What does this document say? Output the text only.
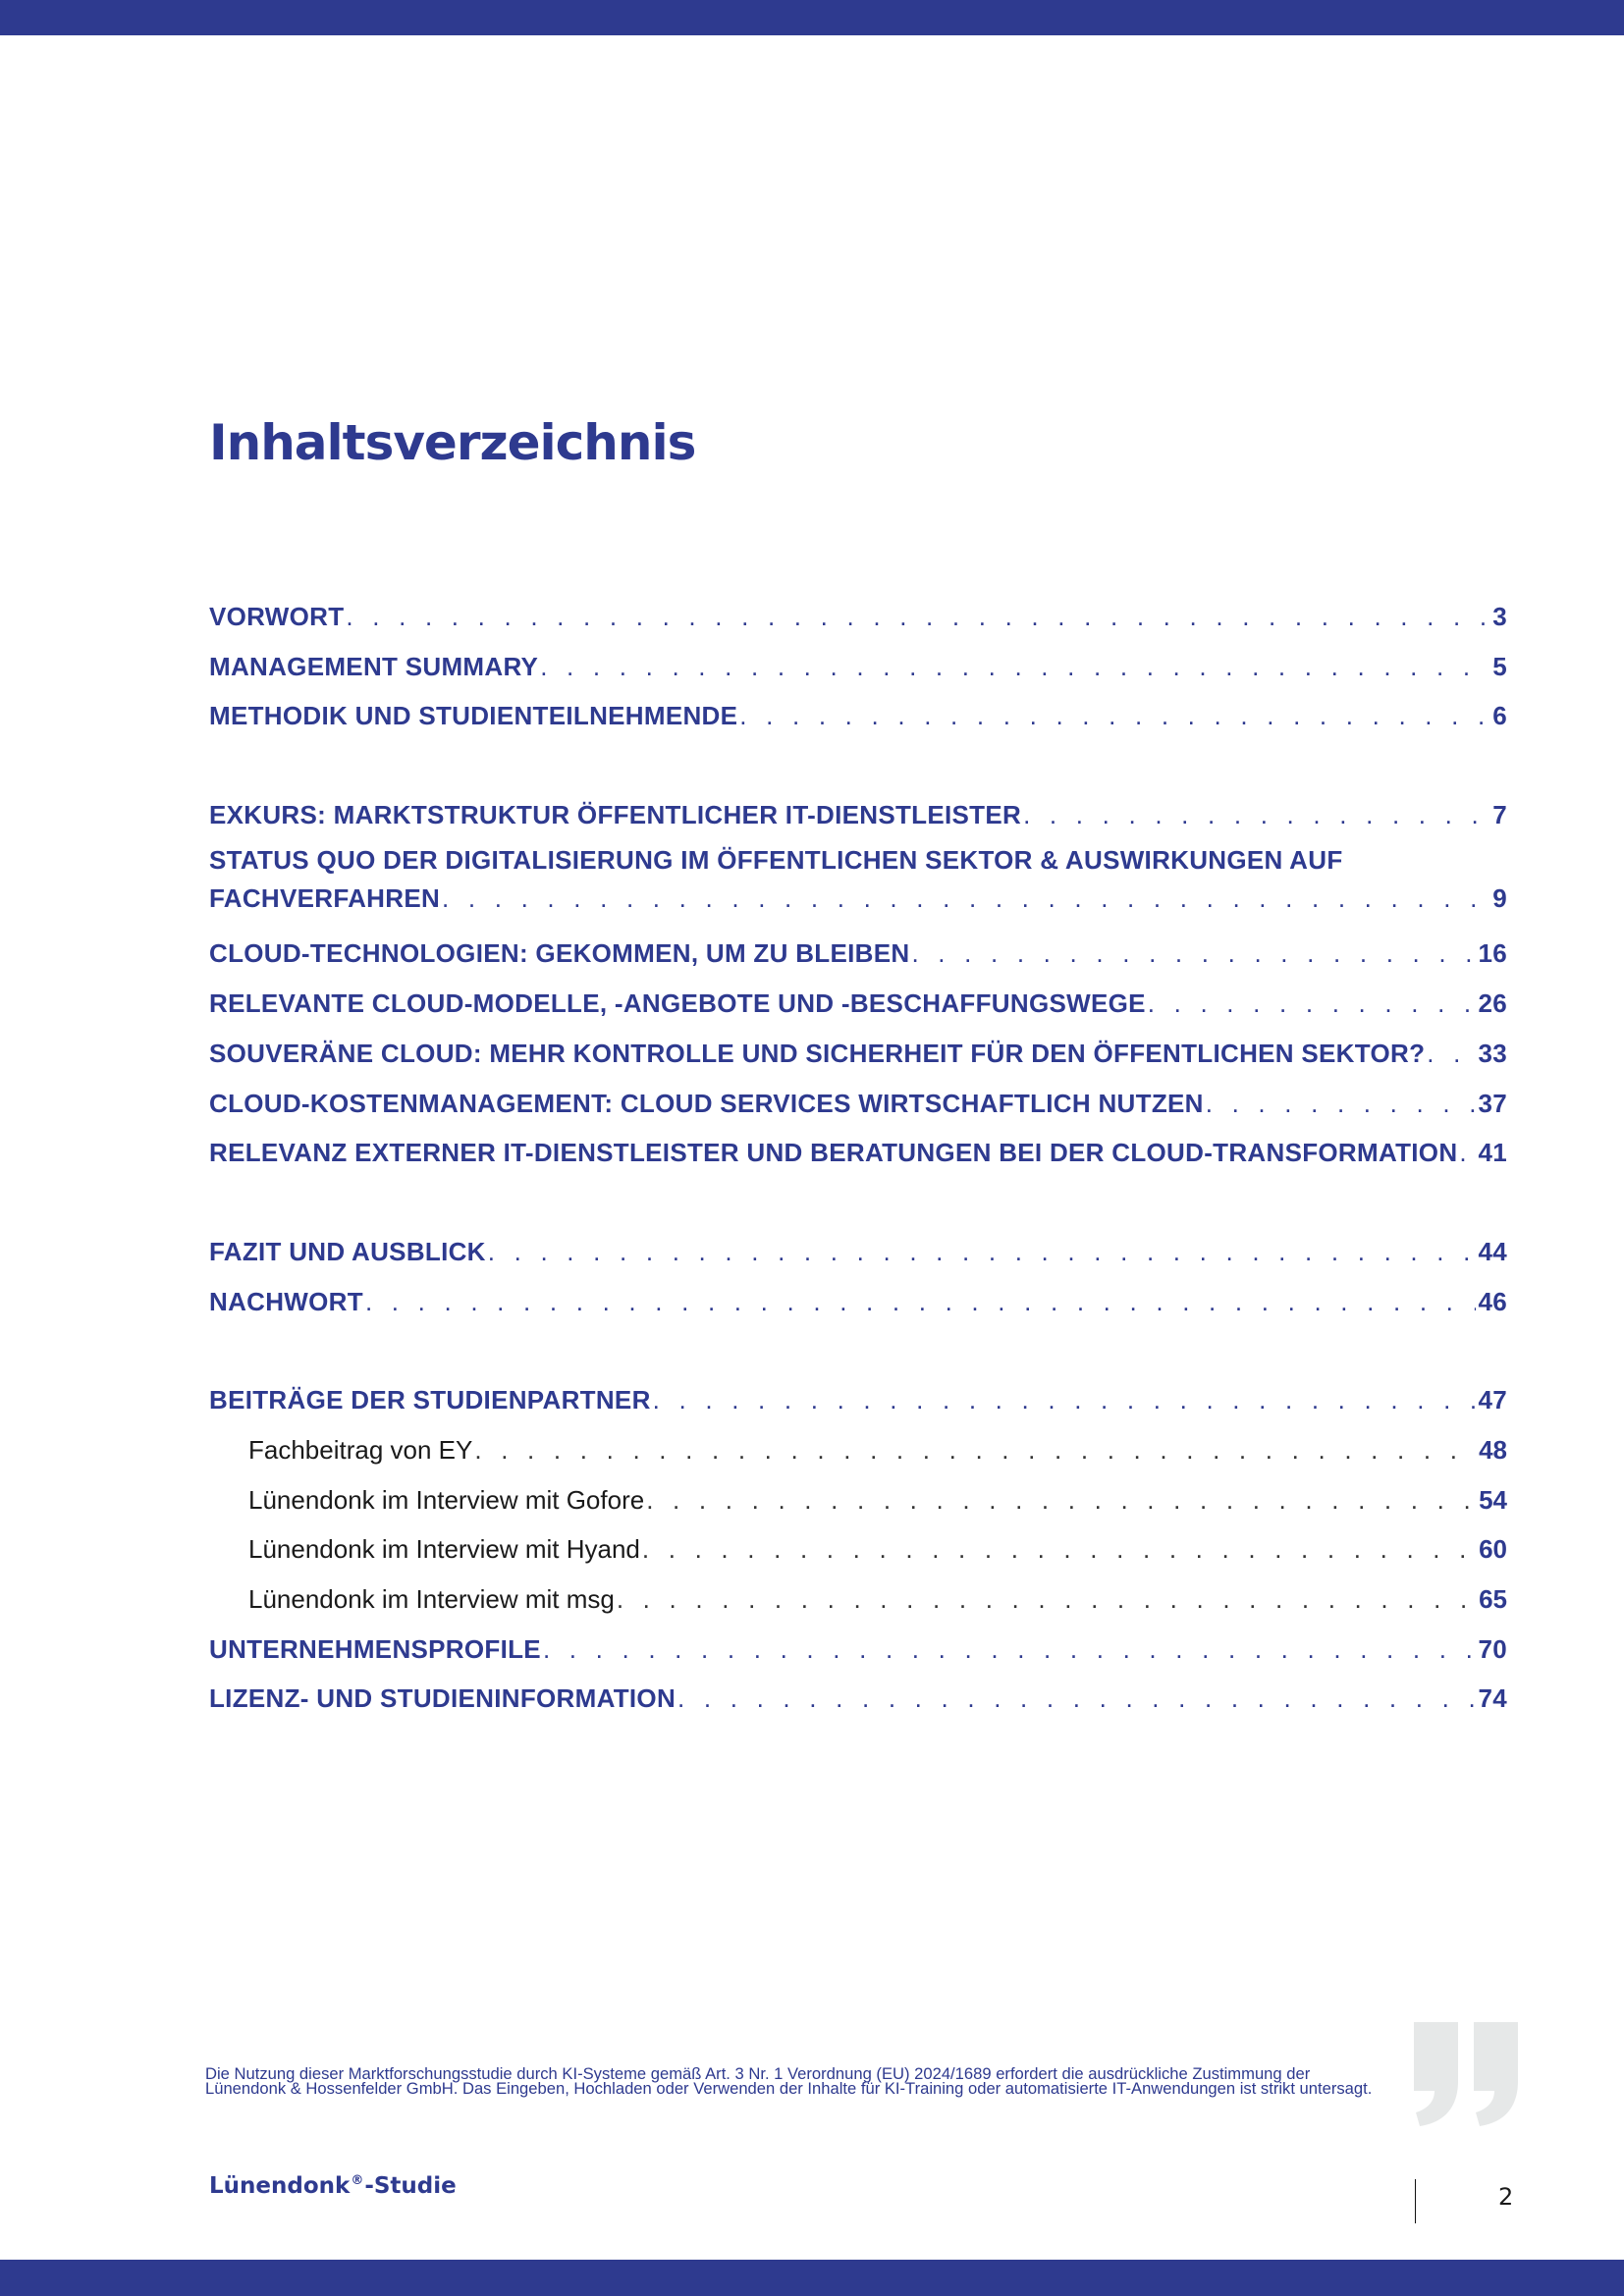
Inhaltsverzeichnis
VORWORT . . .	3
MANAGEMENT SUMMARY . . .	5
METHODIK UND STUDIENTEILNEHMENDE . . .	6
EXKURS: MARKTSTRUKTUR ÖFFENTLICHER IT-DIENSTLEISTER . . .	7
STATUS QUO DER DIGITALISIERUNG IM ÖFFENTLICHEN SEKTOR & AUSWIRKUNGEN AUF
FACHVERFAHREN . . .	9
CLOUD-TECHNOLOGIEN: GEKOMMEN, UM ZU BLEIBEN . . .	16
RELEVANTE CLOUD-MODELLE, -ANGEBOTE UND -BESCHAFFUNGSWEGE . . .	26
SOUVERÄNE CLOUD: MEHR KONTROLLE UND SICHERHEIT FÜR DEN ÖFFENTLICHEN SEKTOR? . . . 33
CLOUD-KOSTENMANAGEMENT: CLOUD SERVICES WIRTSCHAFTLICH NUTZEN . . .	37
RELEVANZ EXTERNER IT-DIENSTLEISTER UND BERATUNGEN BEI DER CLOUD-TRANSFORMATION . . . 41
FAZIT UND AUSBLICK . . .	44
NACHWORT . . .	46
BEITRÄGE DER STUDIENPARTNER . . .	47
Fachbeitrag von EY . . .	48
Lünendonk im Interview mit Gofore . . .	54
Lünendonk im Interview mit Hyand . . .	60
Lünendonk im Interview mit msg . . .	65
UNTERNEHMENSPROFILE . . .	70
LIZENZ- UND STUDIENINFORMATION . . .	74
Die Nutzung dieser Marktforschungsstudie durch KI-Systeme gemäß Art. 3 Nr. 1 Verordnung (EU) 2024/1689 erfordert die ausdrückliche Zustimmung der Lünendonk & Hossenfelder GmbH. Das Eingeben, Hochladen oder Verwenden der Inhalte für KI-Training oder automatisierte IT-Anwendungen ist strikt untersagt.
Lünendonk®-Studie	2
